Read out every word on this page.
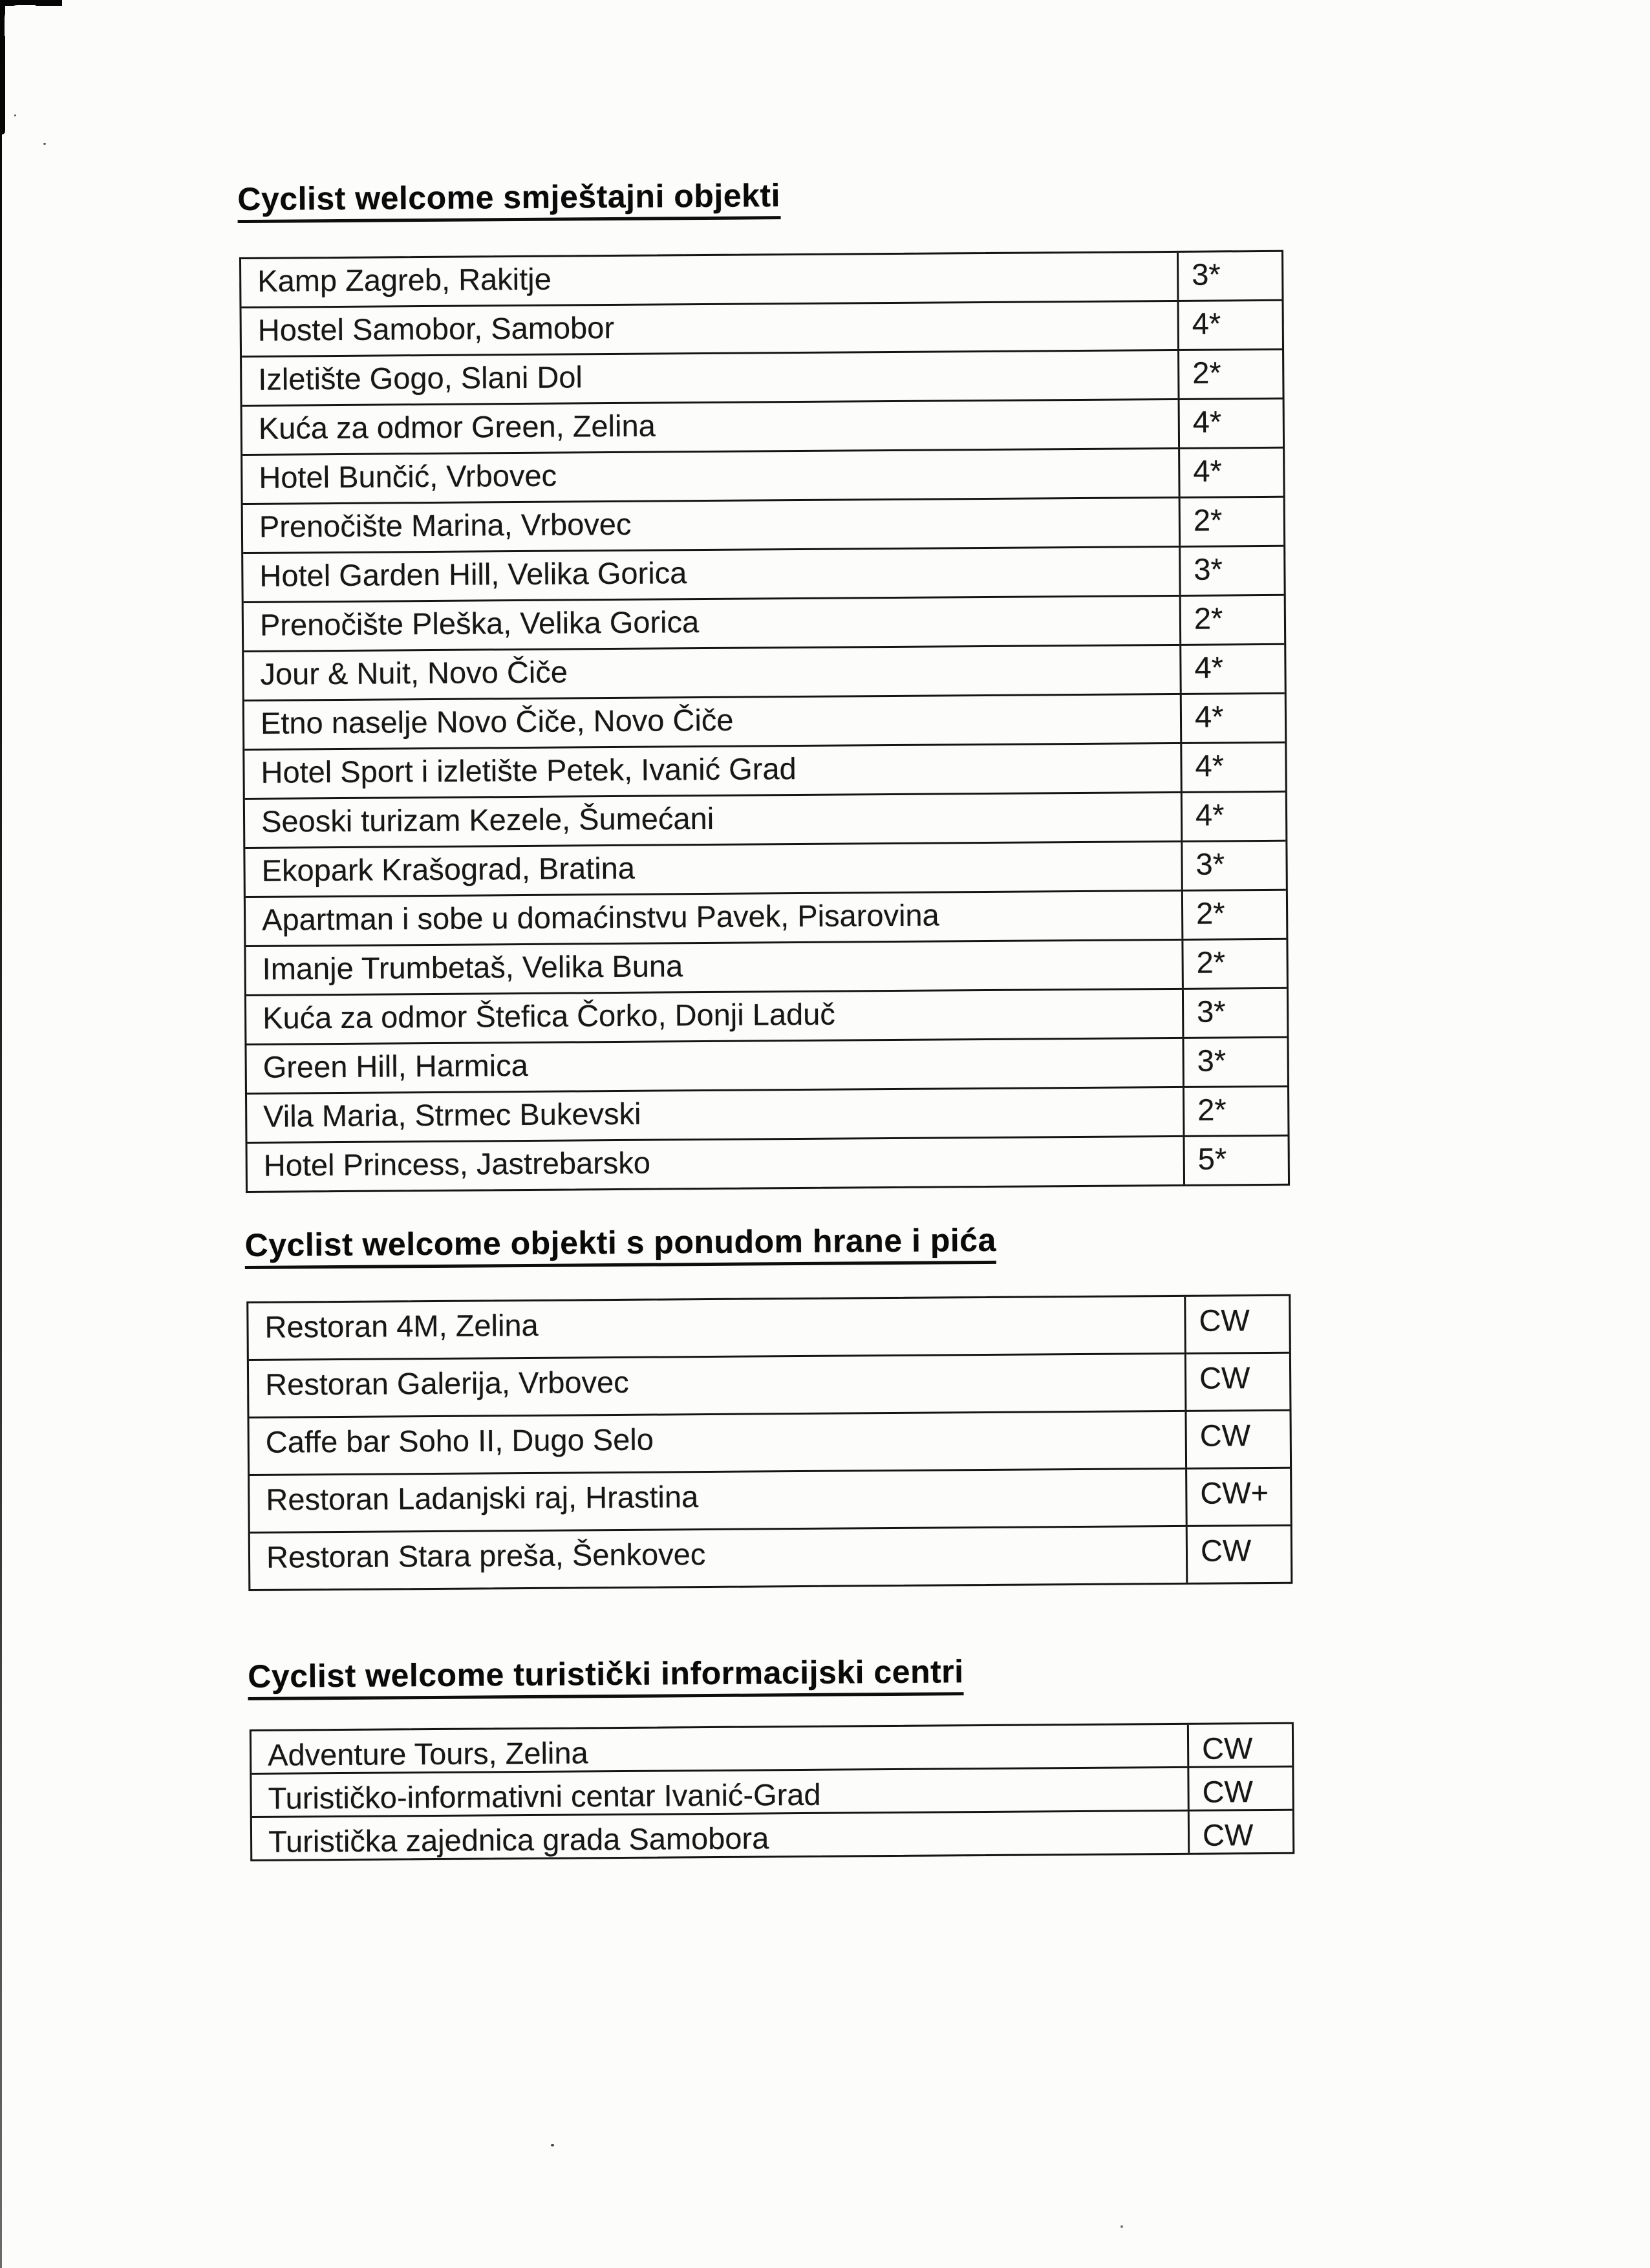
Cyclist welcome smještajni objekti
Kamp Zagreb, Rakitje	3*
Hostel Samobor, Samobor	4*
Izletište Gogo, Slani Dol	2*
Kuća za odmor Green, Zelina	4*
Hotel Bunčić, Vrbovec	4*
Prenočište Marina, Vrbovec	2*
Hotel Garden Hill, Velika Gorica	3*
Prenočište Pleška, Velika Gorica	2*
Jour & Nuit, Novo Čiče	4*
Etno naselje Novo Čiče, Novo Čiče	4*
Hotel Sport i izletište Petek, Ivanić Grad	4*
Seoski turizam Kezele, Šumećani	4*
Ekopark Krašograd, Bratina	3*
Apartman i sobe u domaćinstvu Pavek, Pisarovina	2*
Imanje Trumbetaš, Velika Buna	2*
Kuća za odmor Štefica Čorko, Donji Laduč	3*
Green Hill, Harmica	3*
Vila Maria, Strmec Bukevski	2*
Hotel Princess, Jastrebarsko	5*
Cyclist welcome objekti s ponudom hrane i pića
Restoran 4M, Zelina	CW
Restoran Galerija, Vrbovec	CW
Caffe bar Soho II, Dugo Selo	CW
Restoran Ladanjski raj, Hrastina	CW+
Restoran Stara preša, Šenkovec	CW
Cyclist welcome turistički informacijski centri
Adventure Tours, Zelina	CW
Turističko-informativni centar Ivanić-Grad	CW
Turistička zajednica grada Samobora	CW
